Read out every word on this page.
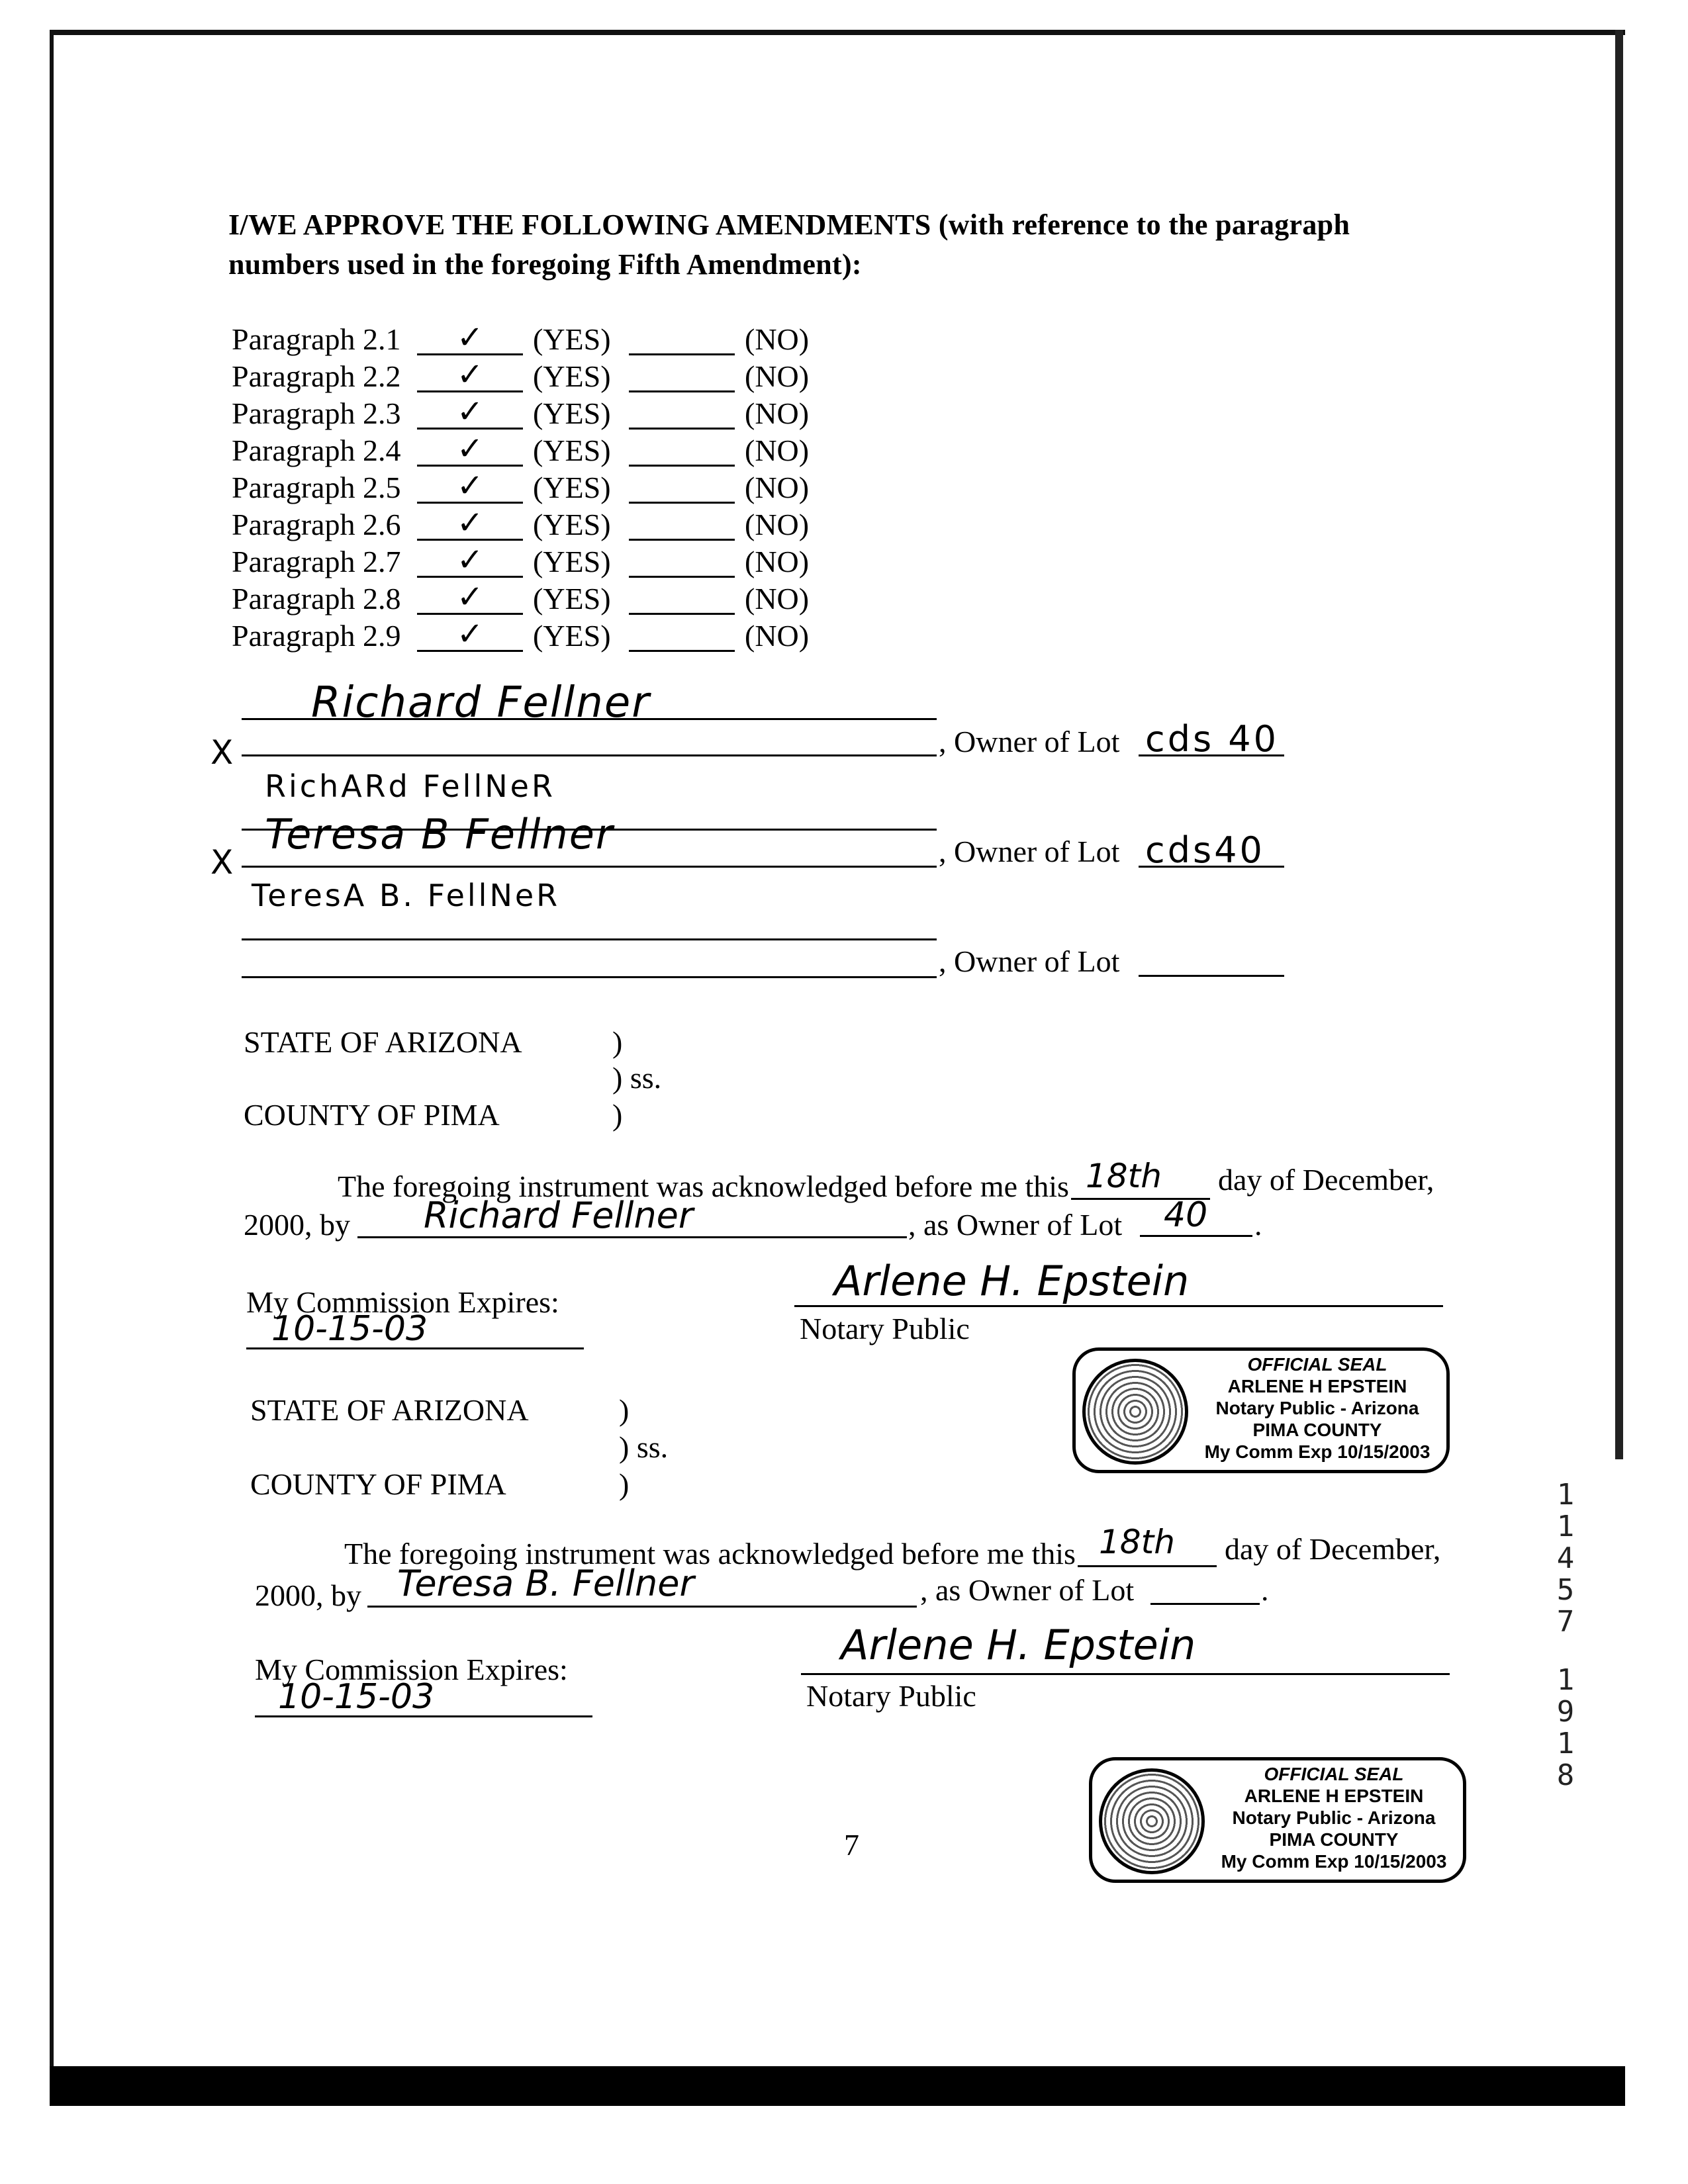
I/WE APPROVE THE FOLLOWING AMENDMENTS (with reference to the paragraph
numbers used in the foregoing Fifth Amendment):
Paragraph 2.1 ✓ (YES)	(NO)
Paragraph 2.2 ✓ (YES)	(NO)
Paragraph 2.3 ✓ (YES)	(NO)
Paragraph 2.4 ✓ (YES)	(NO)
Paragraph 2.5 ✓ (YES)	(NO)
Paragraph 2.6 ✓ (YES)	(NO)
Paragraph 2.7 ✓ (YES)	(NO)
Paragraph 2.8 ✓ (YES)	(NO)
Paragraph 2.9 ✓ (YES)	(NO)
X
Richard Fellner
, Owner of Lot cds 40
RichARd FellNeR
X
Teresa B Fellner	, Owner of Lot cds40
TeresA B. FellNeR
, Owner of Lot
STATE OF ARIZONA	)
) ss.
COUNTY OF PIMA	)
The foregoing instrument was acknowledged before me this 18th day of December,
2000, by Richard Fellner	, as Owner of Lot 40 .
My Commission Expires:
10-15-03
Arlene H. Epstein
Notary Public
OFFICIAL SEAL
ARLENE H EPSTEIN
Notary Public - Arizona
PIMA COUNTY
My Comm Exp 10/15/2003
STATE OF ARIZONA	)
) ss.
COUNTY OF PIMA	)
The foregoing instrument was acknowledged before me this 18th day of December,
2000, by Teresa B. Fellner	, as Owner of Lot	.
My Commission Expires:
10-15-03
Arlene H. Epstein
Notary Public
OFFICIAL SEAL
ARLENE H EPSTEIN
Notary Public - Arizona
PIMA COUNTY
My Comm Exp 10/15/2003
7
1
1
4
5
7
1
9
1
8
